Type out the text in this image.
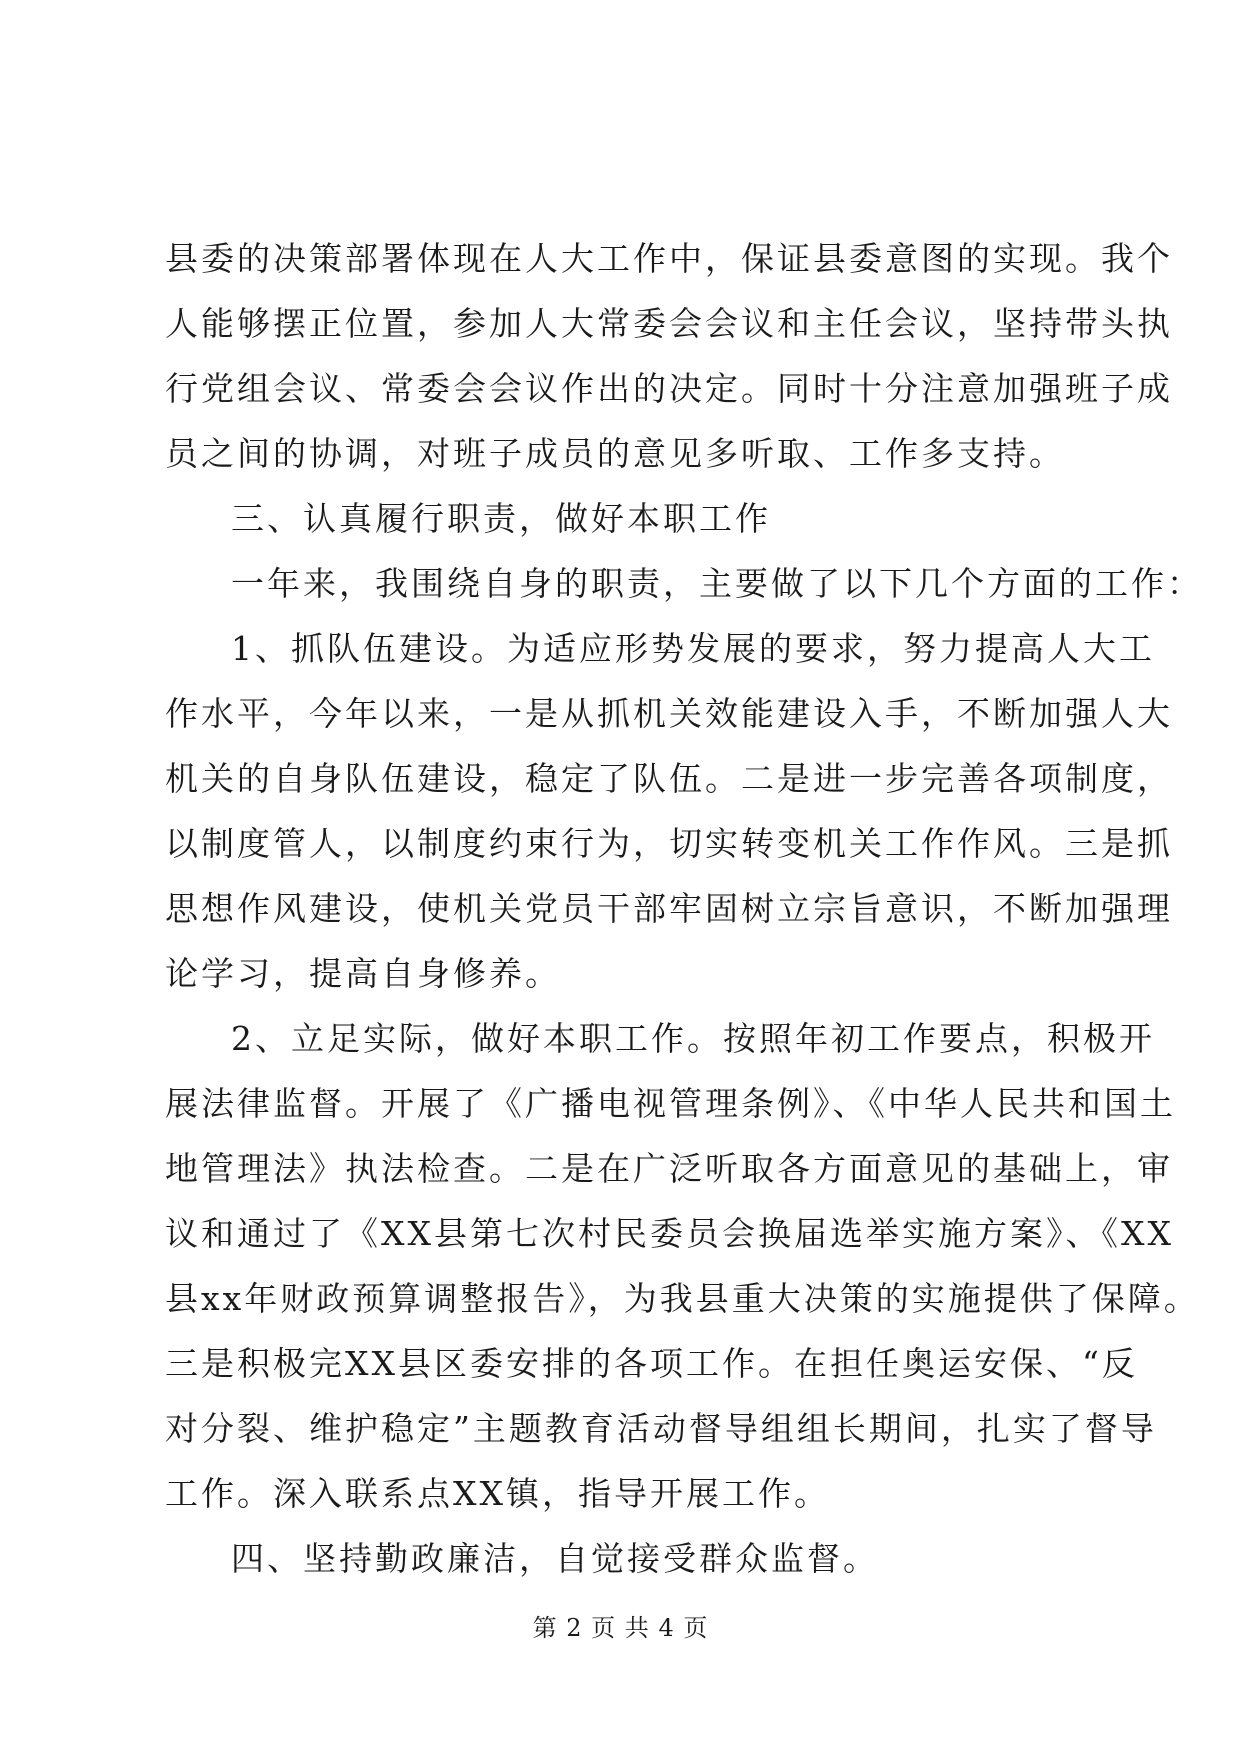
县委的决策部署体现在人大工作中，保证县委意图的实现。我个
人能够摆正位置，参加人大常委会会议和主任会议，坚持带头执
行党组会议、常委会会议作出的决定。同时十分注意加强班子成
员之间的协调，对班子成员的意见多听取、工作多支持。
三、认真履行职责，做好本职工作
一年来，我围绕自身的职责，主要做了以下几个方面的工作：
1、抓队伍建设。为适应形势发展的要求，努力提高人大工
作水平，今年以来，一是从抓机关效能建设入手，不断加强人大
机关的自身队伍建设，稳定了队伍。二是进一步完善各项制度，
以制度管人，以制度约束行为，切实转变机关工作作风。三是抓
思想作风建设，使机关党员干部牢固树立宗旨意识，不断加强理
论学习，提高自身修养。
2、立足实际，做好本职工作。按照年初工作要点，积极开
展法律监督。开展了《广播电视管理条例》、《中华人民共和国土
地管理法》执法检查。二是在广泛听取各方面意见的基础上，审
议和通过了《XX县第七次村民委员会换届选举实施方案》、《XX
县xx年财政预算调整报告》，为我县重大决策的实施提供了保障。
三是积极完XX县区委安排的各项工作。在担任奥运安保、“反
对分裂、维护稳定”主题教育活动督导组组长期间，扎实了督导
工作。深入联系点XX镇，指导开展工作。
四、坚持勤政廉洁，自觉接受群众监督。
第 2 页 共 4 页
